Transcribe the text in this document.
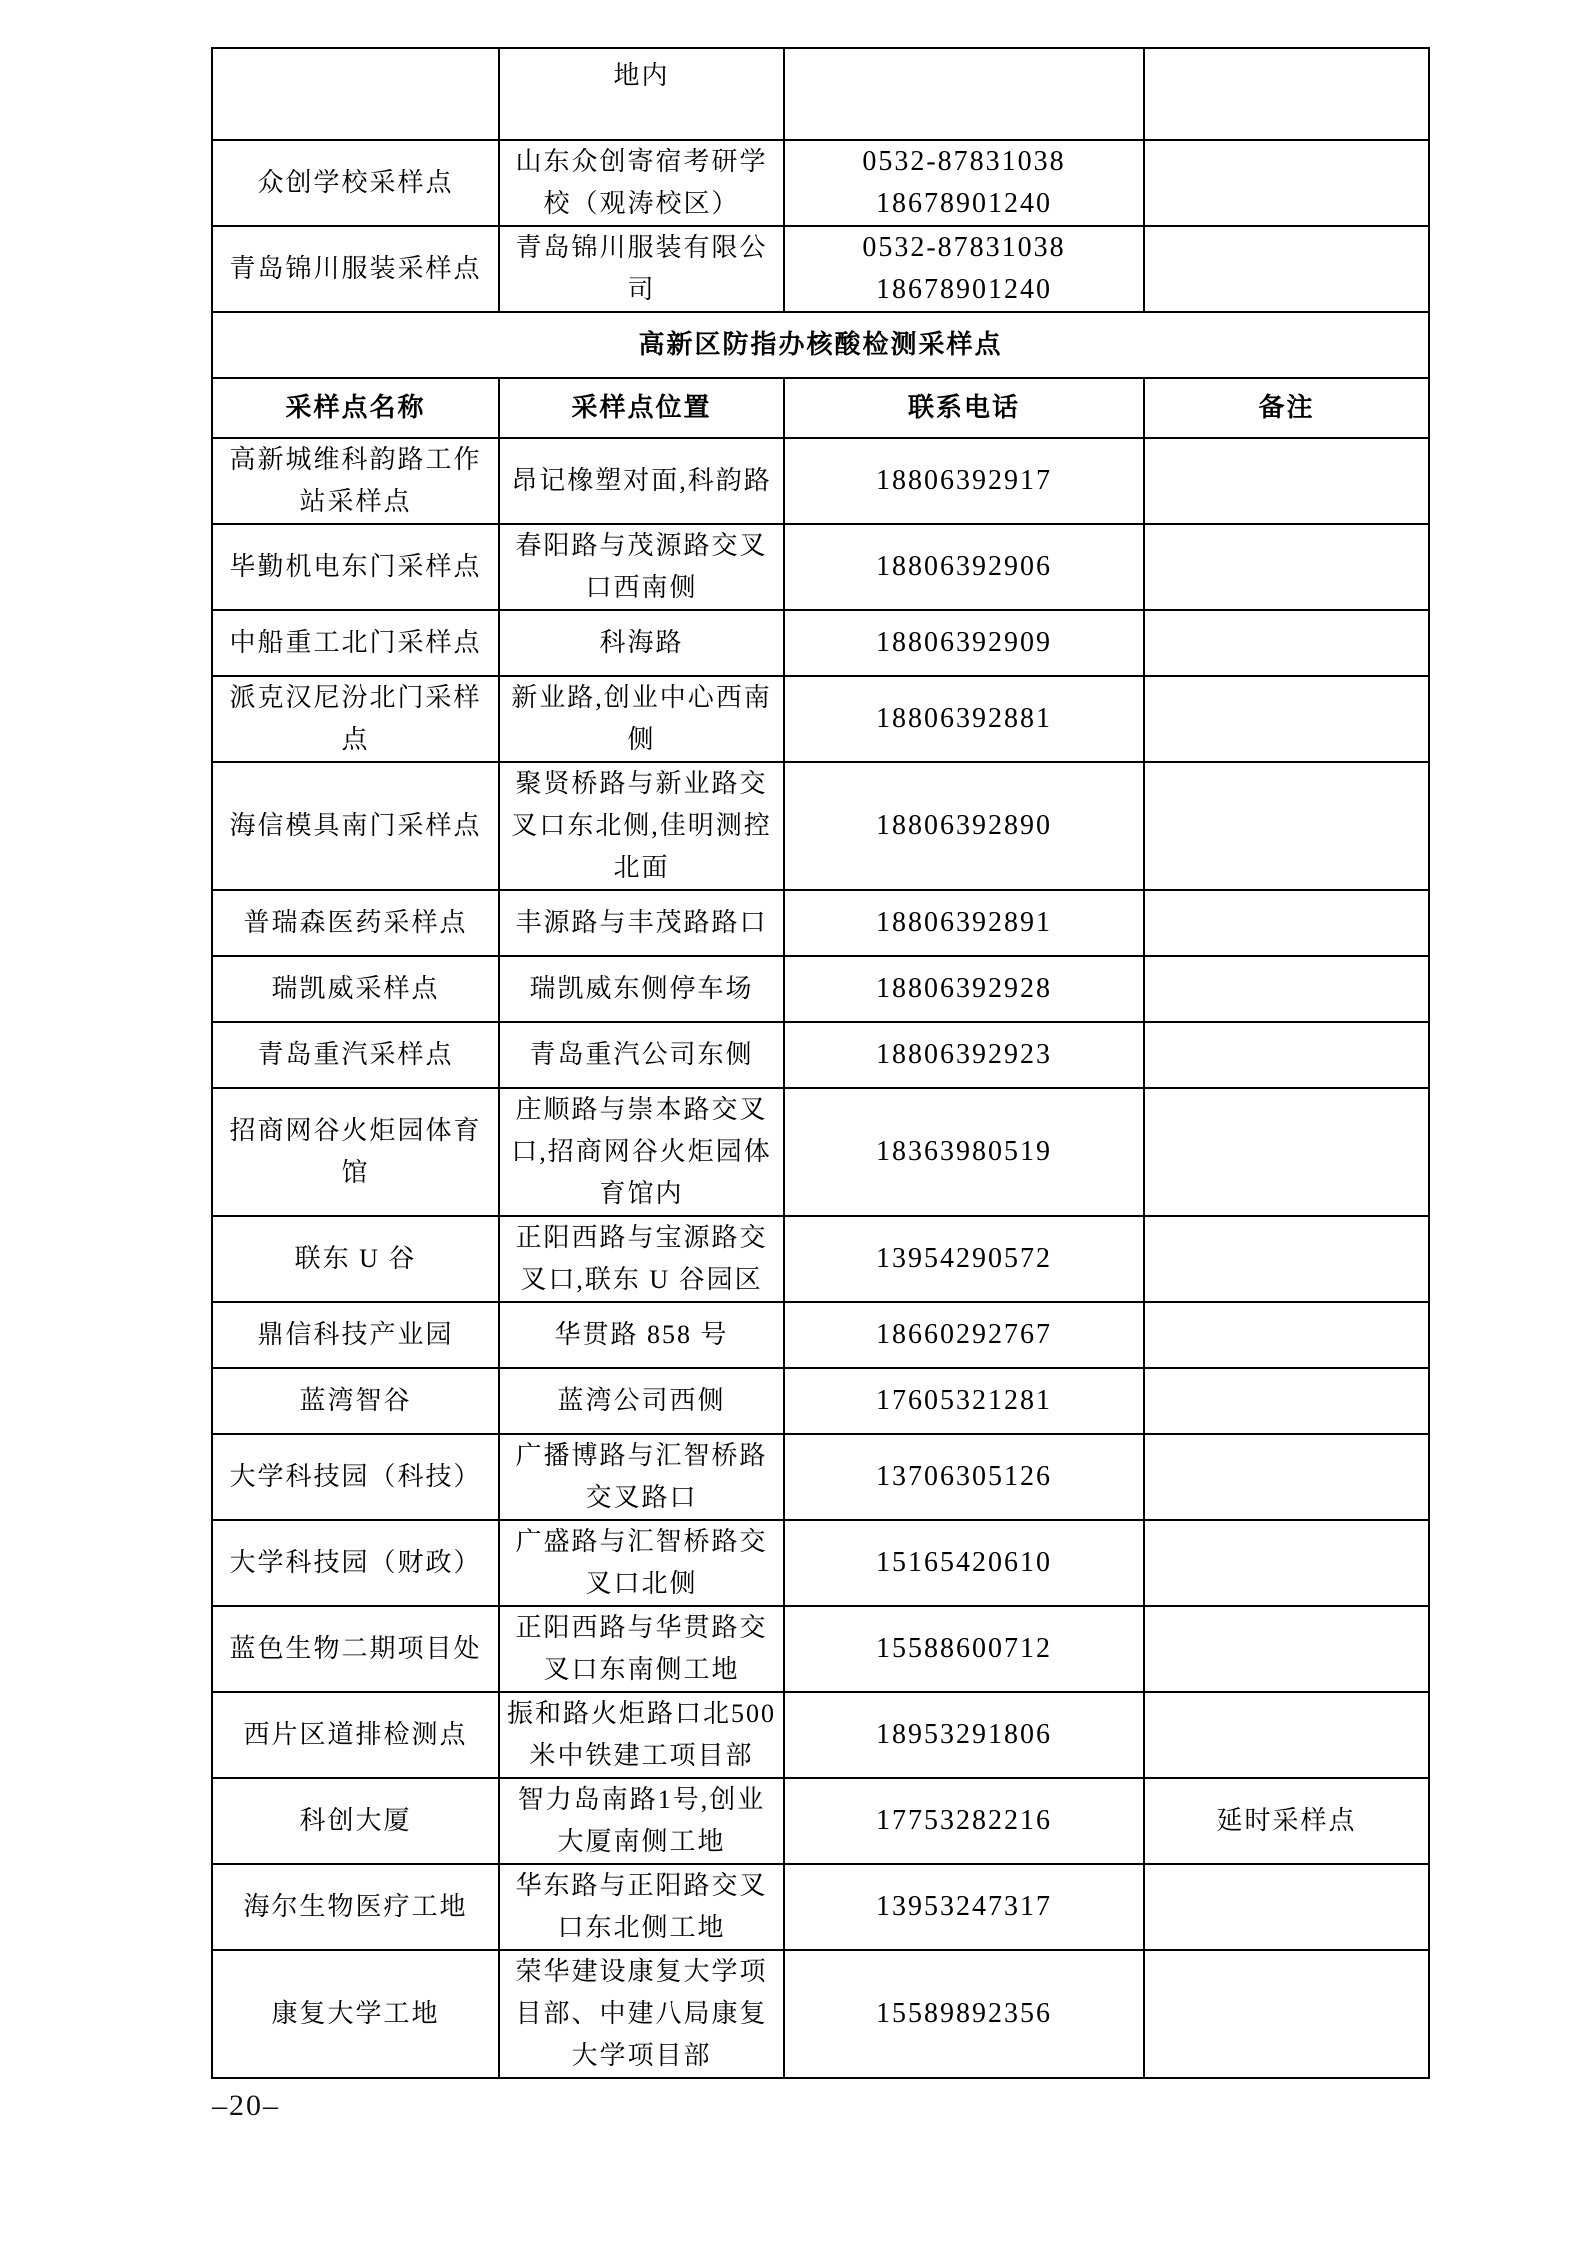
	地内		
众创学校采样点	山东众创寄宿考研学校（观涛校区）	0532-87831038
18678901240	

青岛锦川服装采样点	青岛锦川服装有限公司	0532-87831038
18678901240	

高新区防指办核酸检测采样点			
采样点名称	采样点位置	联系电话	备注
高新城维科韵路工作站采样点	昂记橡塑对面,科韵路	18806392917	
毕勤机电东门采样点	春阳路与茂源路交叉口西南侧	18806392906	
中船重工北门采样点	科海路	18806392909	
派克汉尼汾北门采样点	新业路,创业中心西南侧	18806392881	
海信模具南门采样点	聚贤桥路与新业路交叉口东北侧,佳明测控北面	18806392890	
普瑞森医药采样点	丰源路与丰茂路路口	18806392891	
瑞凯威采样点	瑞凯威东侧停车场	18806392928	
青岛重汽采样点	青岛重汽公司东侧	18806392923	
招商网谷火炬园体育馆	庄顺路与崇本路交叉口,招商网谷火炬园体育馆内	18363980519	
联东 U 谷	正阳西路与宝源路交叉口,联东 U 谷园区	13954290572	
鼎信科技产业园	华贯路 858 号	18660292767	
蓝湾智谷	蓝湾公司西侧	17605321281	
大学科技园（科技）	广播博路与汇智桥路交叉路口	13706305126	
大学科技园（财政）	广盛路与汇智桥路交叉口北侧	15165420610	
蓝色生物二期项目处	正阳西路与华贯路交叉口东南侧工地	15588600712	
西片区道排检测点	振和路火炬路口北500米中铁建工项目部	18953291806	
科创大厦	智力岛南路1号,创业大厦南侧工地	17753282216	延时采样点
海尔生物医疗工地	华东路与正阳路交叉口东北侧工地	13953247317	
康复大学工地	荣华建设康复大学项目部、中建八局康复大学项目部	15589892356	
–20–
